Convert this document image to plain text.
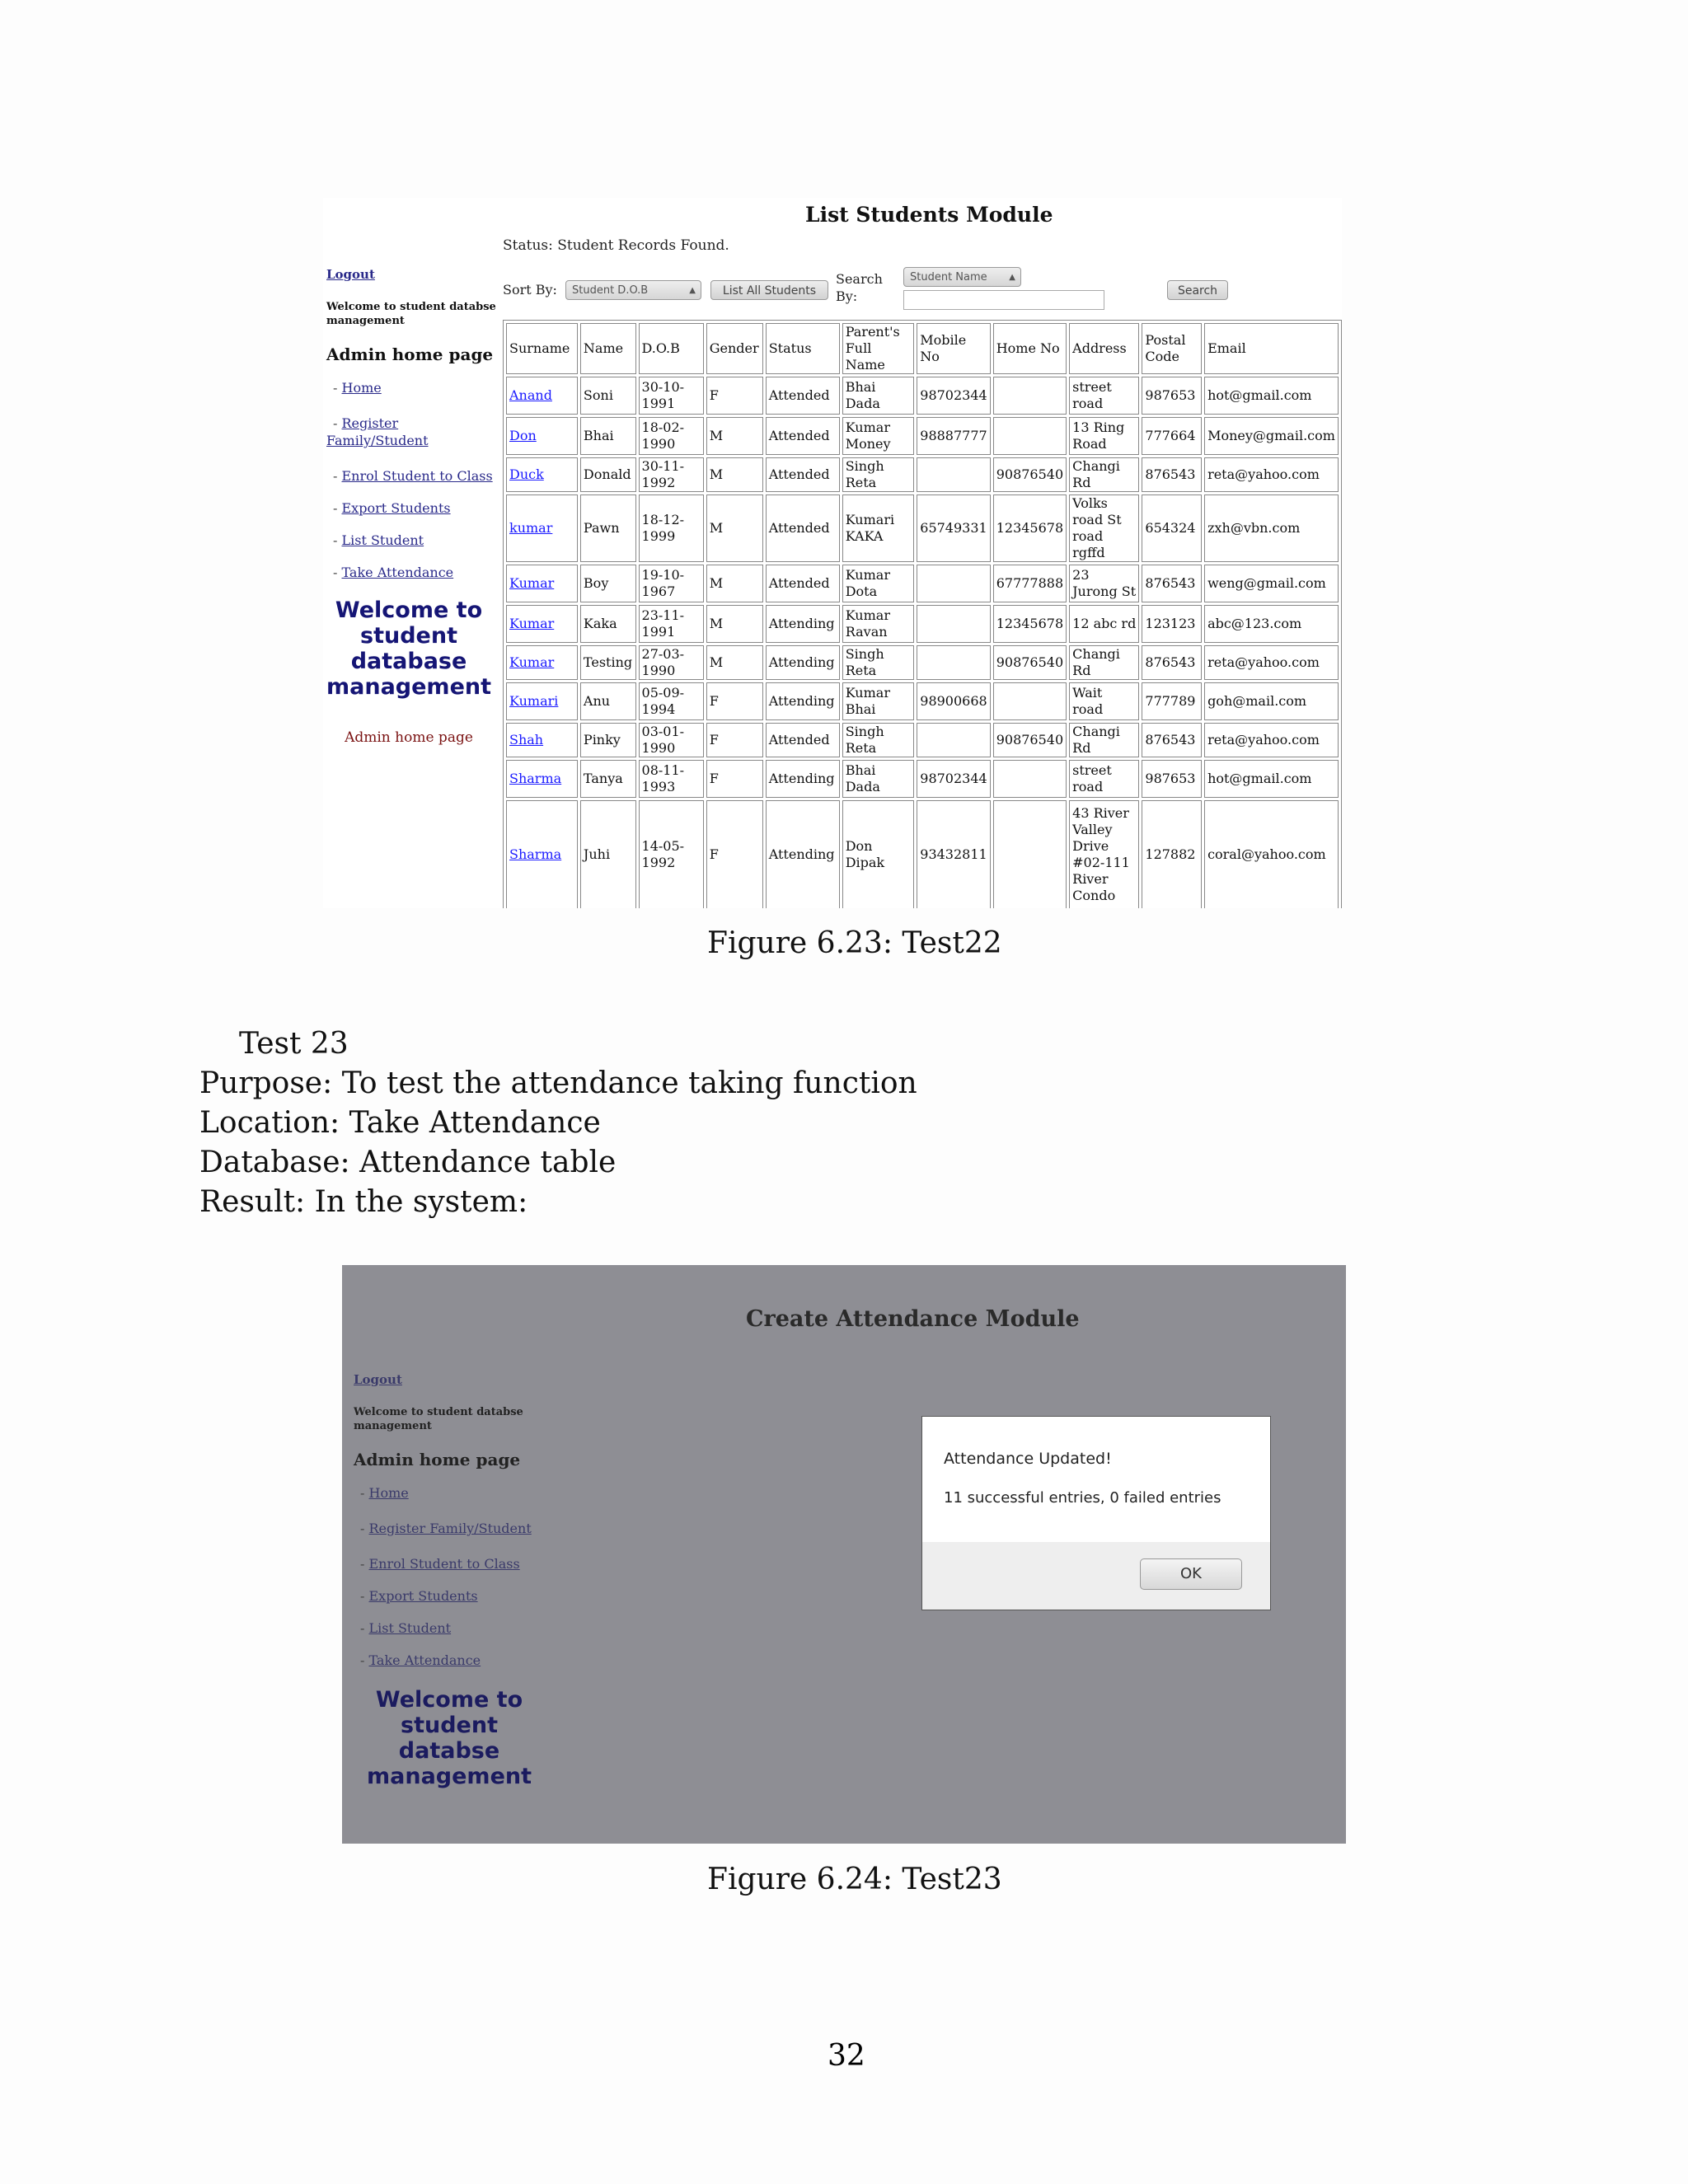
List Students Module
Status: Student Records Found.
Logout
Welcome to student databse management
Admin home page
- Home
- Register Family/Student
- Enrol Student to Class
- Export Students
- List Student
- Take Attendance
Welcome to student database management
Admin home page
Sort By:	Student D.O.B	▲	List All Students
Search By:
Student Name	▲
Search
Surname	Name	D.O.B	Gender	Status	Parent's Full Name	Mobile No	Home No	Address	Postal Code	Email
Anand	Soni	30-10-1991	F	Attended	Bhai Dada	98702344		street road	987653	hot@gmail.com
Don	Bhai	18-02-1990	M	Attended	Kumar Money	98887777		13 Ring Road	777664	Money@gmail.com
Duck	Donald	30-11-1992	M	Attended	Singh Reta		90876540	Changi Rd	876543	reta@yahoo.com
kumar	Pawn	18-12-1999	M	Attended	Kumari KAKA	65749331	12345678	Volks road St road rgffd	654324	zxh@vbn.com
Kumar	Boy	19-10-1967	M	Attended	Kumar Dota		67777888	23 Jurong St	876543	weng@gmail.com
Kumar	Kaka	23-11-1991	M	Attending	Kumar Ravan		12345678	12 abc rd	123123	abc@123.com
Kumar	Testing	27-03-1990	M	Attending	Singh Reta		90876540	Changi Rd	876543	reta@yahoo.com
Kumari	Anu	05-09-1994	F	Attending	Kumar Bhai	98900668		Wait road	777789	goh@mail.com
Shah	Pinky	03-01-1990	F	Attended	Singh Reta		90876540	Changi Rd	876543	reta@yahoo.com
Sharma	Tanya	08-11-1993	F	Attending	Bhai Dada	98702344		street road	987653	hot@gmail.com
Sharma	Juhi	14-05-1992	F	Attending	Don Dipak	93432811		43 River Valley Drive #02-111 River Condo	127882	coral@yahoo.com

Figure 6.23: Test22
Test 23
Purpose: To test the attendance taking function
Location: Take Attendance
Database: Attendance table
Result: In the system:
Create Attendance Module
Logout
Welcome to student databse management
Admin home page
- Home
- Register Family/Student
- Enrol Student to Class
- Export Students
- List Student
- Take Attendance
Welcome to student databse management
Attendance Updated!
11 successful entries, 0 failed entries
OK
Figure 6.24: Test23
32
